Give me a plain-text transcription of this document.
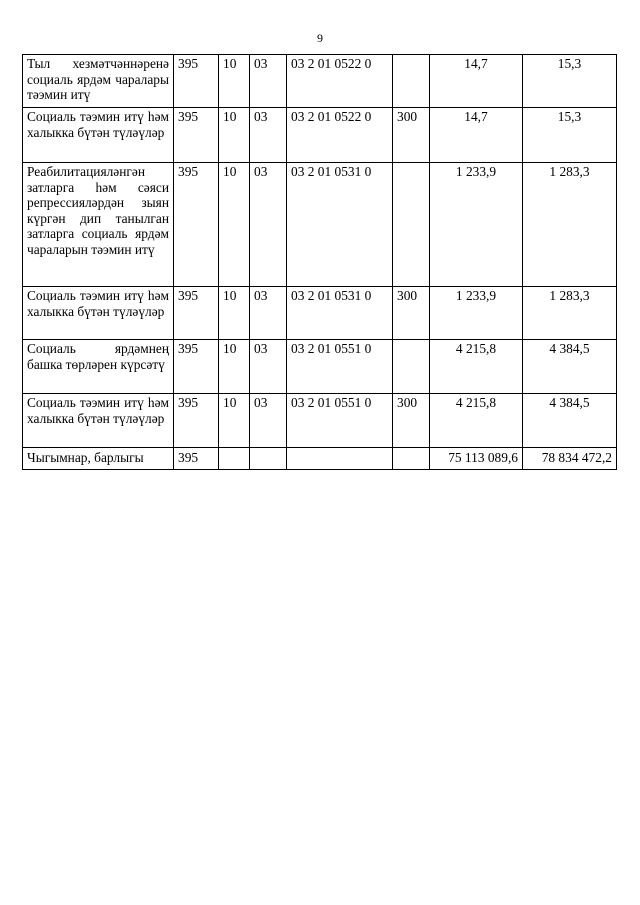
9
Тыл хезмәтчәннәренә социаль ярдәм чаралары тәэмин итү	395	10	03	03 2 01 0522 0		14,7	15,3
Социаль тәэмин итү һәм халыкка бүтән түләүләр	395	10	03	03 2 01 0522 0	300	14,7	15,3
Реабилитацияләнгән затларга һәм сәяси репрессияләрдән зыян күргән дип танылган затларга социаль ярдәм чараларын тәэмин итү	395	10	03	03 2 01 0531 0		1 233,9	1 283,3
Социаль тәэмин итү һәм халыкка бүтән түләүләр	395	10	03	03 2 01 0531 0	300	1 233,9	1 283,3
Социаль ярдәмнең башка төрләрен күрсәтү	395	10	03	03 2 01 0551 0		4 215,8	4 384,5
Социаль тәэмин итү һәм халыкка бүтән түләүләр	395	10	03	03 2 01 0551 0	300	4 215,8	4 384,5
Чыгымнар, барлыгы	395					75 113 089,6	78 834 472,2
